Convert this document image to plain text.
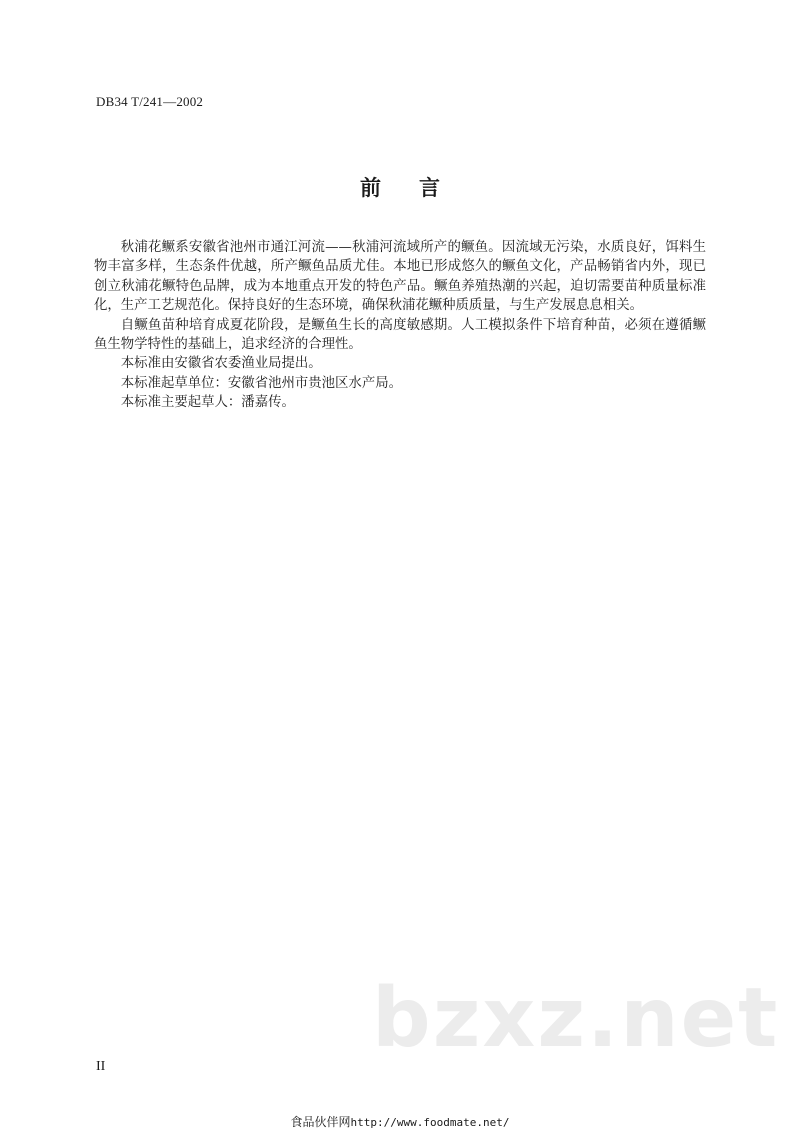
DB34 T/241—2002
前言

秋浦花鳜系安徽省池州市通江河流——秋浦河流域所产的鳜鱼。因流域无污染，水质良好，饵料生物丰富多样，生态条件优越，所产鳜鱼品质尤佳。本地已形成悠久的鳜鱼文化，产品畅销省内外，现已创立秋浦花鳜特色品牌，成为本地重点开发的特色产品。鳜鱼养殖热潮的兴起，迫切需要苗种质量标准化，生产工艺规范化。保持良好的生态环境，确保秋浦花鳜种质质量，与生产发展息息相关。

自鳜鱼苗种培育成夏花阶段，是鳜鱼生长的高度敏感期。人工模拟条件下培育种苗，必须在遵循鳜鱼生物学特性的基础上，追求经济的合理性。

本标准由安徽省农委渔业局提出。

本标准起草单位：安徽省池州市贵池区水产局。

本标准主要起草人：潘嘉传。

bzxz.net
II
食品伙伴网http://www.foodmate.net/
